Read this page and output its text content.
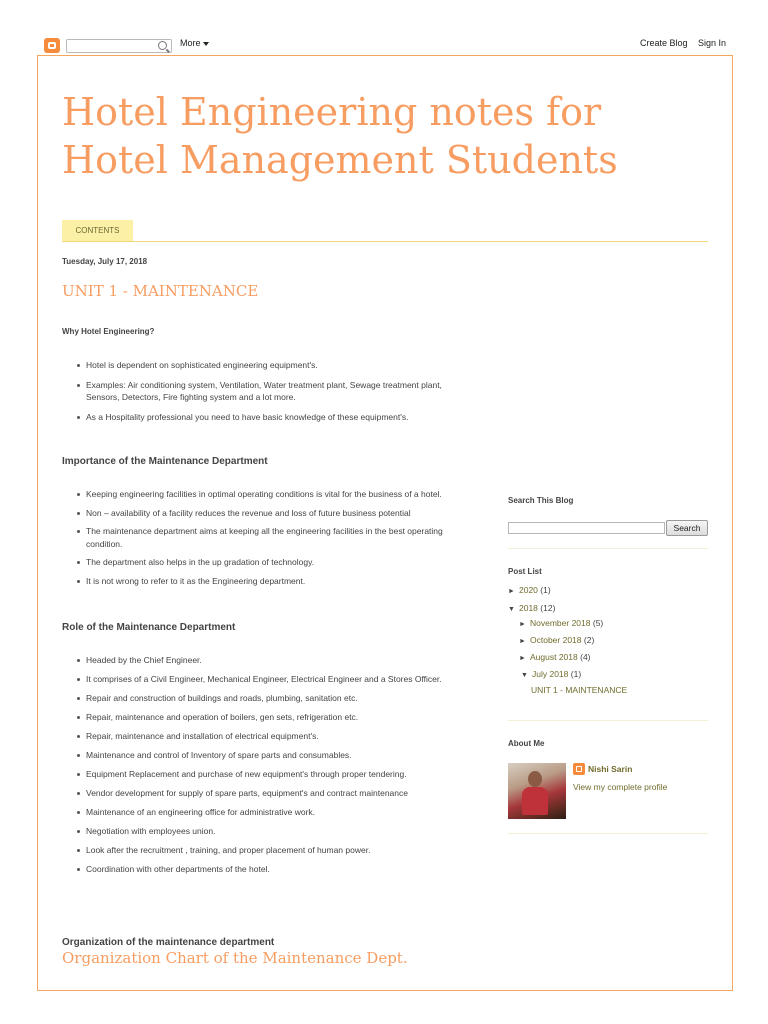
More	Create Blog Sign In
Hotel Engineering notes for Hotel Management Students
CONTENTS
Tuesday, July 17, 2018
UNIT 1 - MAINTENANCE
Why Hotel Engineering?
Hotel is dependent on sophisticated engineering equipment's.
Examples: Air conditioning system, Ventilation, Water treatment plant, Sewage treatment plant, Sensors, Detectors, Fire fighting system and a lot more.
As a Hospitality professional you need to have basic knowledge of these equipment's.
Importance of the Maintenance Department
Keeping engineering facilities in optimal operating conditions is vital for the business of a hotel.
Non – availability of a facility reduces the revenue and loss of future business potential
The maintenance department aims at keeping all the engineering facilities in the best operating condition.
The department also helps in the up gradation of technology.
It is not wrong to refer to it as the Engineering department.
Role of the Maintenance Department
Headed by the Chief Engineer.
It comprises of a Civil Engineer, Mechanical Engineer, Electrical Engineer and a Stores Officer.
Repair and construction of buildings and roads, plumbing, sanitation etc.
Repair, maintenance and operation of boilers, gen sets, refrigeration etc.
Repair, maintenance and installation of electrical equipment's.
Maintenance and control of Inventory of spare parts and consumables.
Equipment Replacement and purchase of new equipment's through proper tendering.
Vendor development for supply of spare parts, equipment's and contract maintenance
Maintenance of an engineering office for administrative work.
Negotiation with employees union.
Look after the recruitment , training, and proper placement of human power.
Coordination with other departments of the hotel.
Organization of the maintenance department
Organization Chart of the Maintenance Dept.
Search This Blog
Search
Post List
► 2020 (1)
▼ 2018 (12)
► November 2018 (5)
► October 2018 (2)
► August 2018 (4)
▼ July 2018 (1)
UNIT 1 - MAINTENANCE
About Me
Nishi Sarin
View my complete profile
